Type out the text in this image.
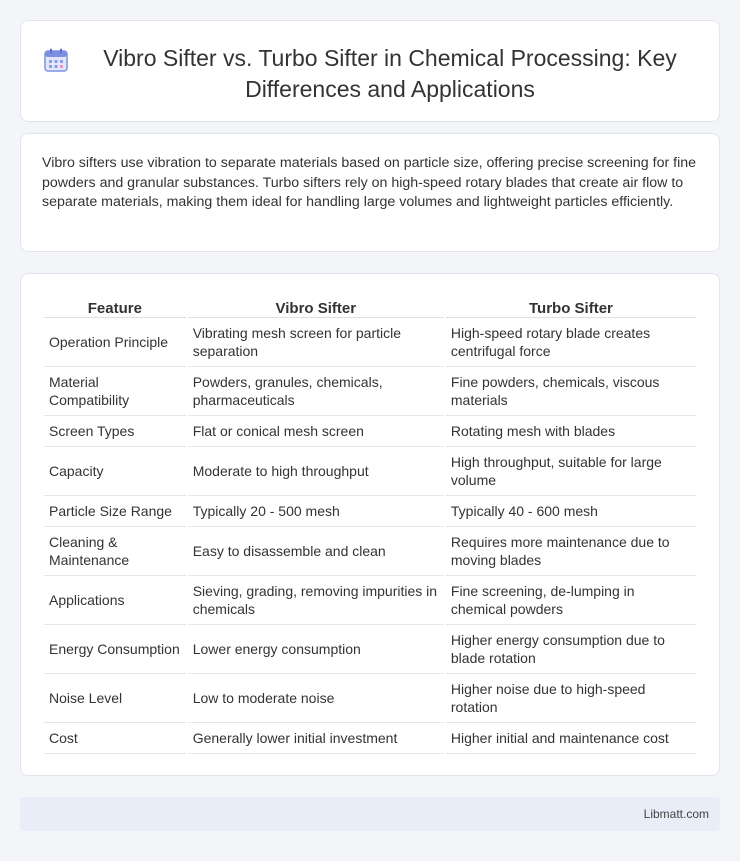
Vibro Sifter vs. Turbo Sifter in Chemical Processing: Key Differences and Applications

Vibro sifters use vibration to separate materials based on particle size, offering precise screening for fine powders and granular substances. Turbo sifters rely on high-speed rotary blades that create air flow to separate materials, making them ideal for handling large volumes and lightweight particles efficiently.

Feature	Vibro Sifter	Turbo Sifter
Operation Principle	Vibrating mesh screen for particle separation	High-speed rotary blade creates centrifugal force
Material Compatibility	Powders, granules, chemicals, pharmaceuticals	Fine powders, chemicals, viscous materials
Screen Types	Flat or conical mesh screen	Rotating mesh with blades
Capacity	Moderate to high throughput	High throughput, suitable for large volume
Particle Size Range	Typically 20 - 500 mesh	Typically 40 - 600 mesh
Cleaning & Maintenance	Easy to disassemble and clean	Requires more maintenance due to moving blades
Applications	Sieving, grading, removing impurities in chemicals	Fine screening, de-lumping in chemical powders
Energy Consumption	Lower energy consumption	Higher energy consumption due to blade rotation
Noise Level	Low to moderate noise	Higher noise due to high-speed rotation
Cost	Generally lower initial investment	Higher initial and maintenance cost
Libmatt.com
